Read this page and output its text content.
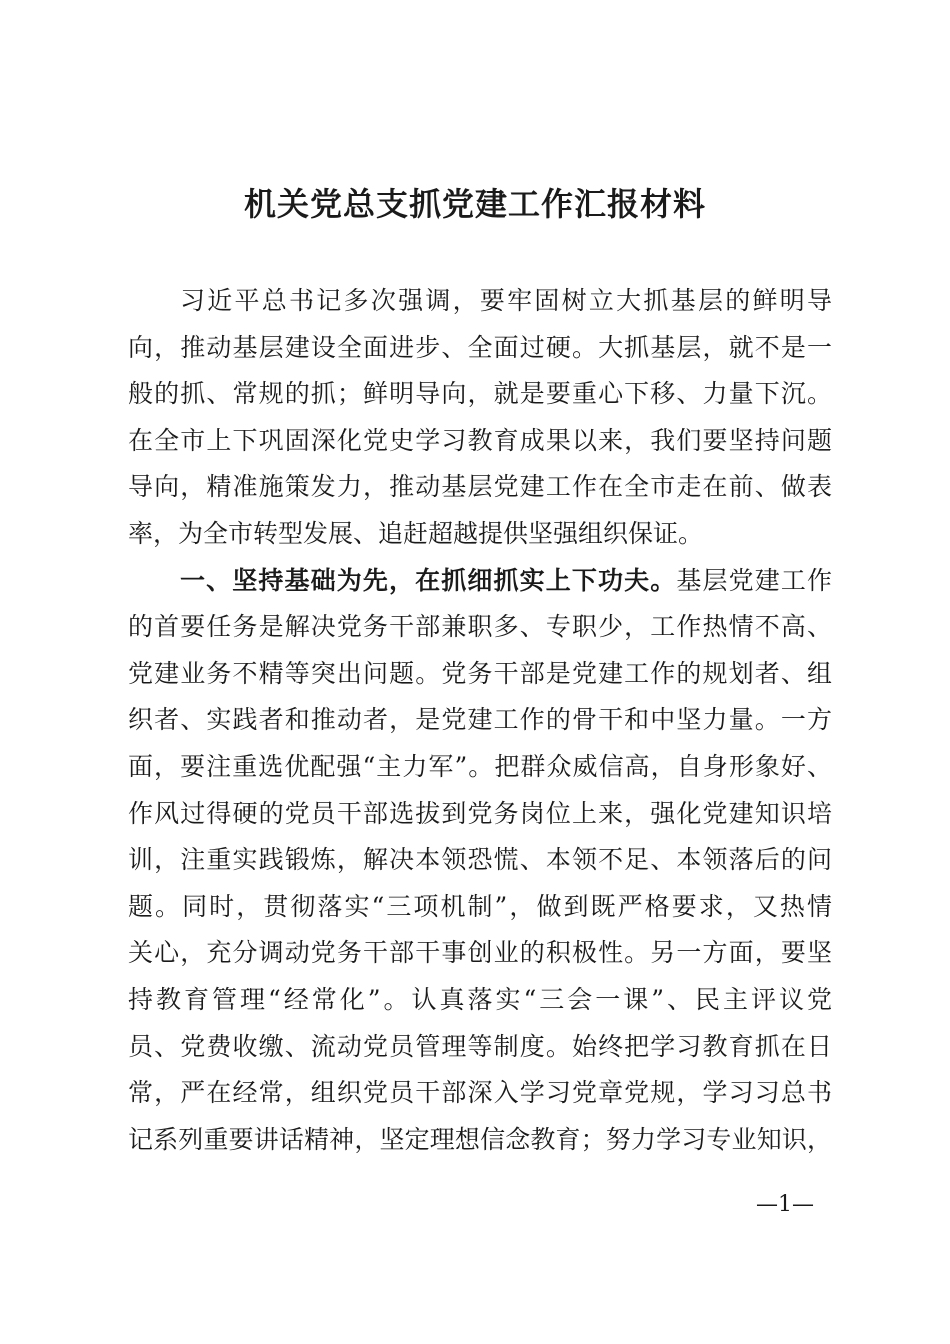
机关党总支抓党建工作汇报材料
习近平总书记多次强调，要牢固树立大抓基层的鲜明导
向，推动基层建设全面进步、全面过硬。大抓基层，就不是一
般的抓、常规的抓；鲜明导向，就是要重心下移、力量下沉。
在全市上下巩固深化党史学习教育成果以来，我们要坚持问题
导向，精准施策发力，推动基层党建工作在全市走在前、做表
率，为全市转型发展、追赶超越提供坚强组织保证。
一、坚持基础为先，在抓细抓实上下功夫。基层党建工作
的首要任务是解决党务干部兼职多、专职少，工作热情不高、
党建业务不精等突出问题。党务干部是党建工作的规划者、组
织者、实践者和推动者，是党建工作的骨干和中坚力量。一方
面，要注重选优配强“主力军”。把群众威信高，自身形象好、
作风过得硬的党员干部选拔到党务岗位上来，强化党建知识培
训，注重实践锻炼，解决本领恐慌、本领不足、本领落后的问
题。同时，贯彻落实“三项机制”，做到既严格要求，又热情
关心，充分调动党务干部干事创业的积极性。另一方面，要坚
持教育管理“经常化”。认真落实“三会一课”、民主评议党
员、党费收缴、流动党员管理等制度。始终把学习教育抓在日
常，严在经常，组织党员干部深入学习党章党规，学习习总书
记系列重要讲话精神，坚定理想信念教育；努力学习专业知识，
—1—
